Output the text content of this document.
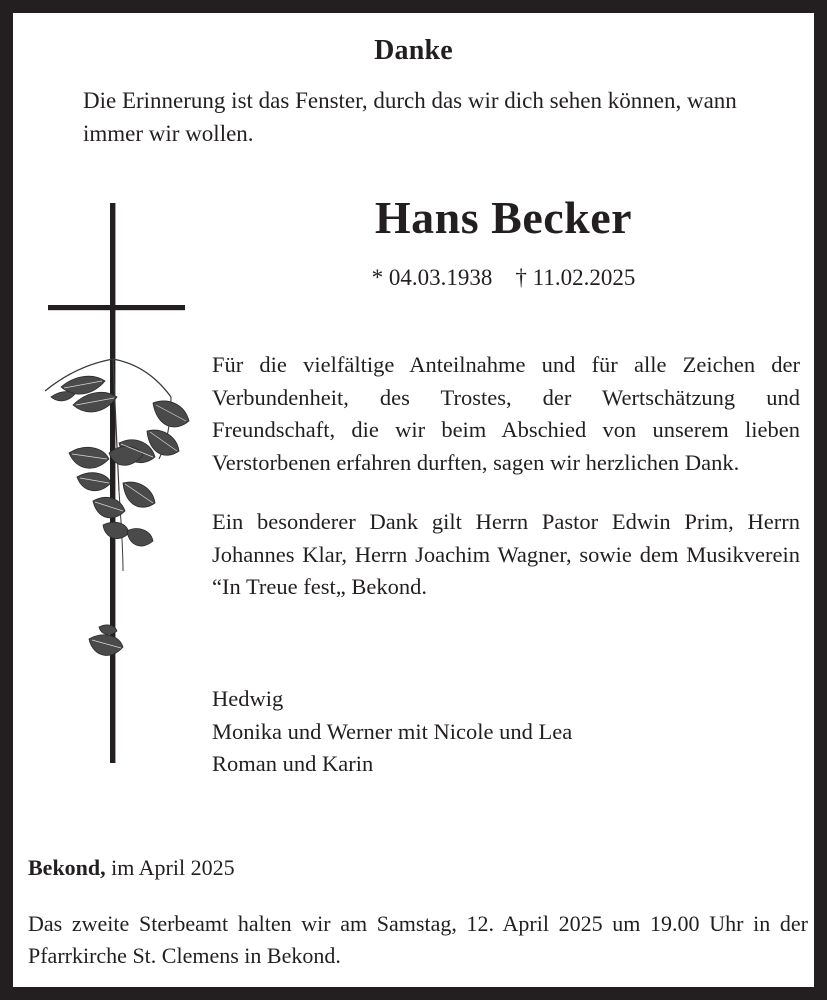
Danke
Die Erinnerung ist das Fenster, durch das wir dich sehen können, wann immer wir wollen.
Hans Becker
* 04.03.1938    † 11.02.2025

Für die vielfältige Anteilnahme und für alle Zeichen der Verbundenheit, des Trostes, der Wertschätzung und Freundschaft, die wir beim Abschied von unserem lieben Verstorbenen erfahren durften, sagen wir herzlichen Dank.

Ein besonderer Dank gilt Herrn Pastor Edwin Prim, Herrn Johannes Klar, Herrn Joachim Wagner, sowie dem Musikverein “In Treue fest„ Bekond.

Hedwig
Monika und Werner mit Nicole und Lea
Roman und Karin
Bekond, im April 2025
Das zweite Sterbeamt halten wir am Samstag, 12. April 2025 um 19.00 Uhr in der Pfarrkirche St. Clemens in Bekond.
